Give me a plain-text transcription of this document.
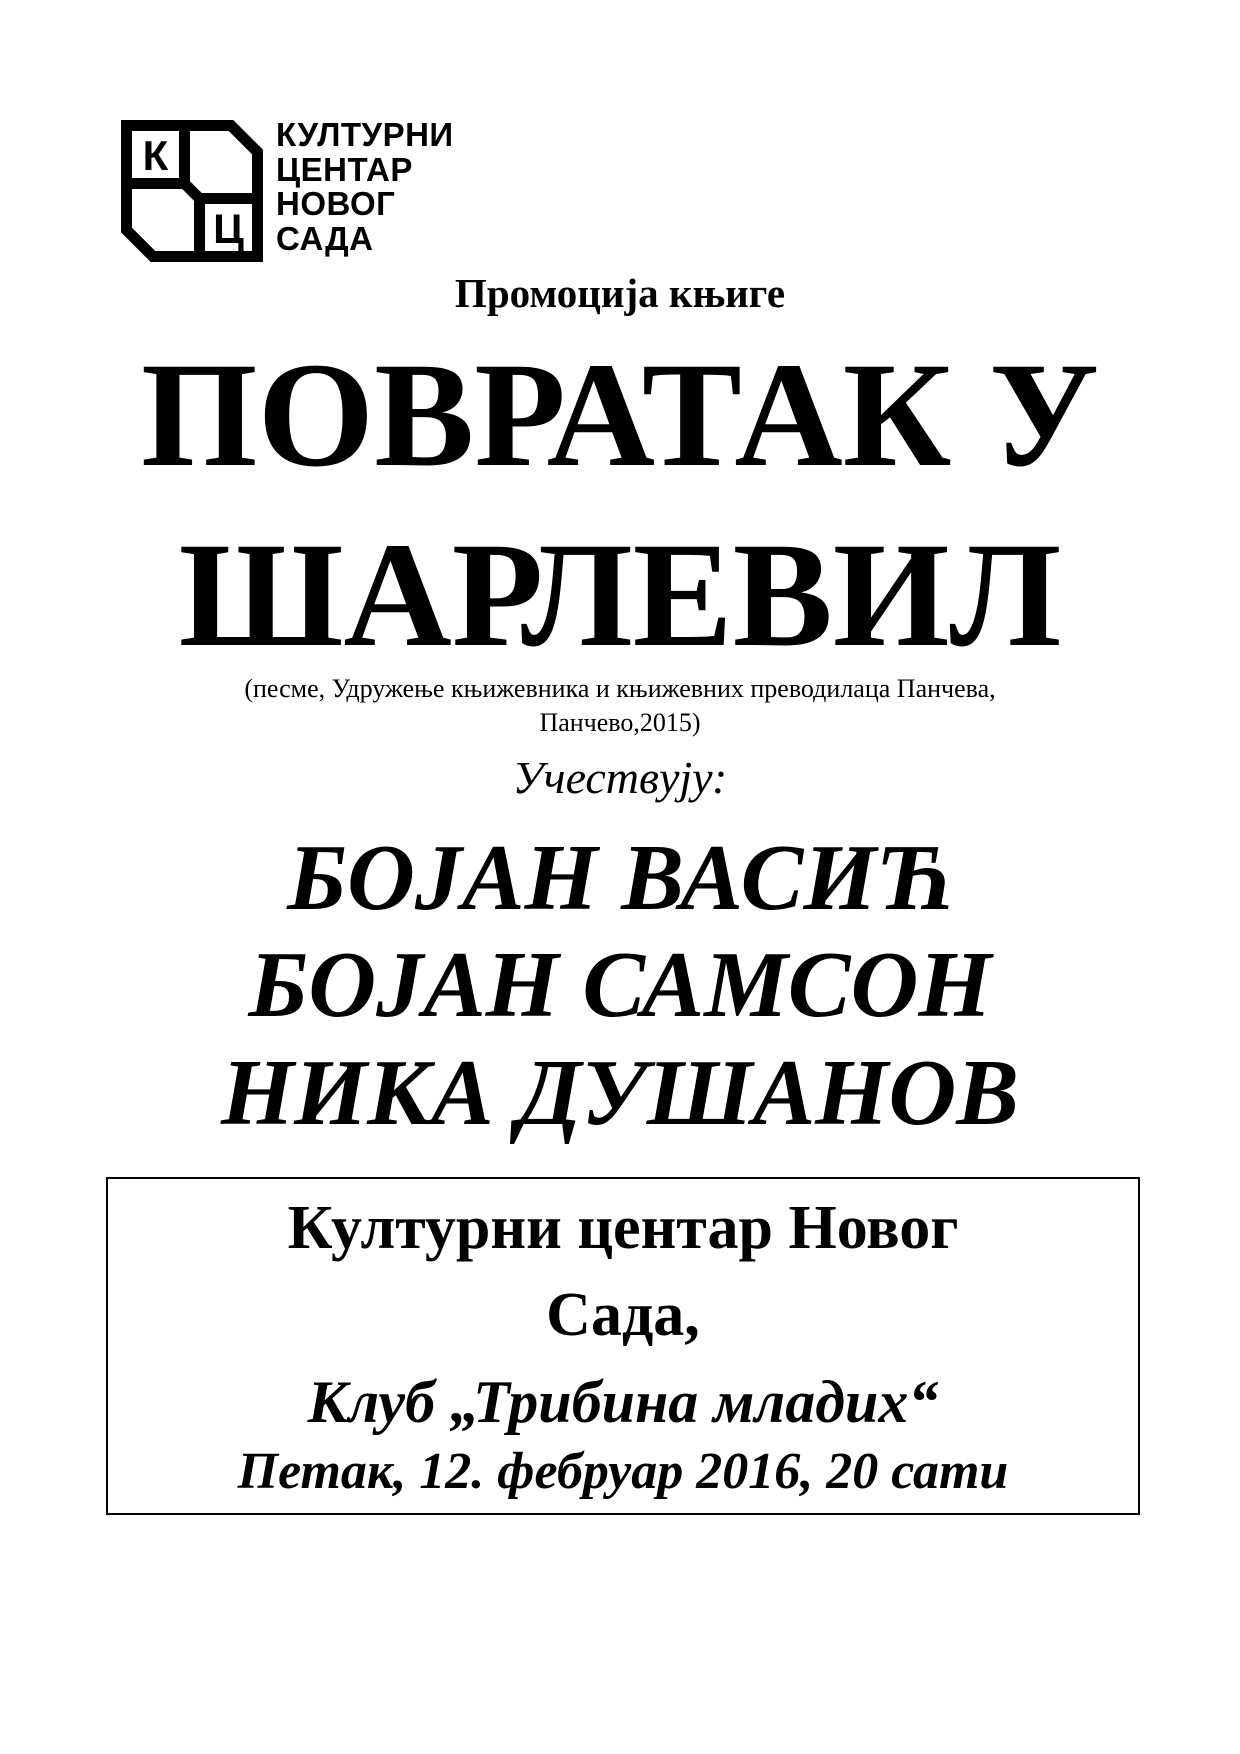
К
Ц

КУЛТУРНИ
ЦЕНТАР
НОВОГ
САДА

Промоција књиге

ПОВРАТАК У

ШАРЛЕВИЛ

(песме, Удружење књижевника и књижевних преводилаца Панчева,

Панчево,2015)

Учествују:

БОЈАН ВАСИЋ

БОЈАН САМСОН

НИКА ДУШАНОВ

Културни центар Новог

Сада,

Клуб „Трибина младих“

Петак, 12. фебруар 2016, 20 сати
